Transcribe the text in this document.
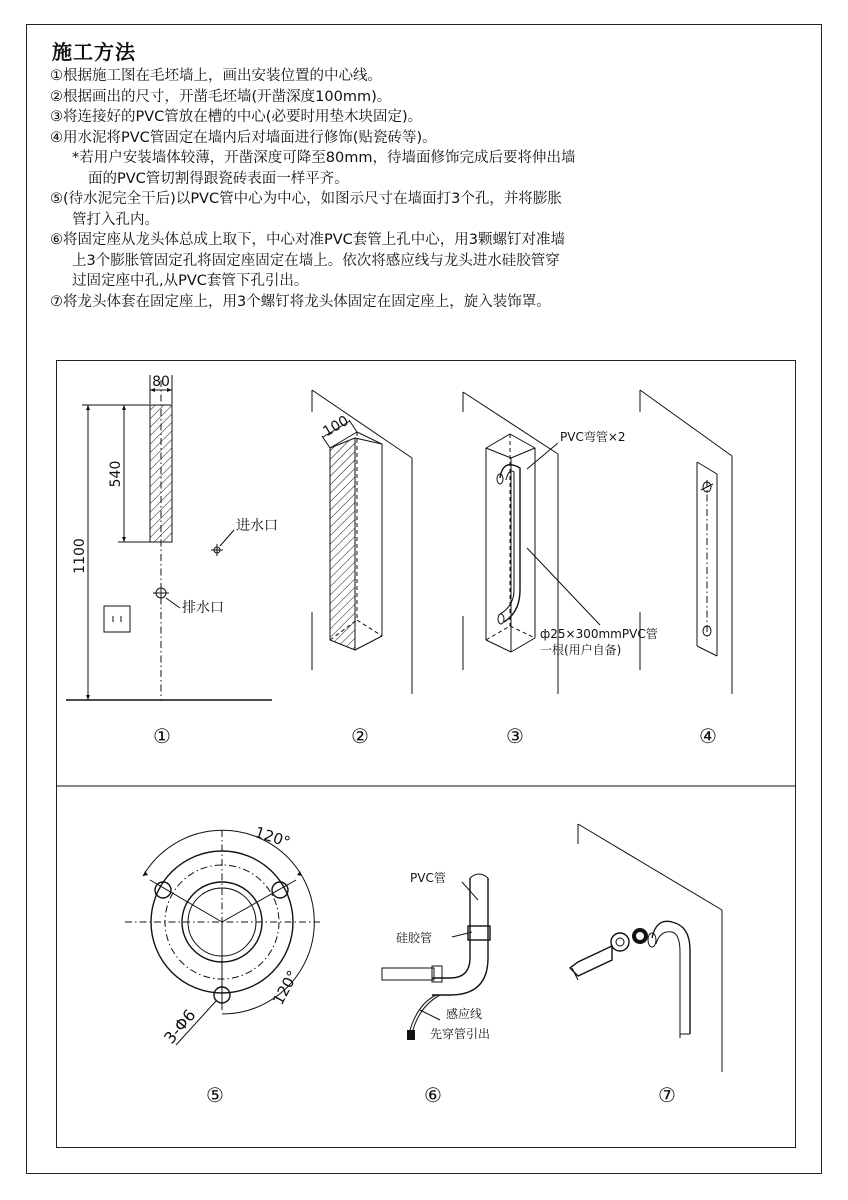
施工方法

①根据施工图在毛坯墙上，画出安装位置的中心线。

②根据画出的尺寸，开凿毛坯墙(开凿深度100mm)。

③将连接好的PVC管放在槽的中心(必要时用垫木块固定)。

④用水泥将PVC管固定在墙内后对墙面进行修饰(贴瓷砖等)。

*若用户安装墙体较薄，开凿深度可降至80mm，待墙面修饰完成后要将伸出墙

面的PVC管切割得跟瓷砖表面一样平齐。

⑤(待水泥完全干后)以PVC管中心为中心，如图示尺寸在墙面打3个孔，并将膨胀

管打入孔内。

⑥将固定座从龙头体总成上取下，中心对准PVC套管上孔中心，用3颗螺钉对准墙

上3个膨胀管固定孔将固定座固定在墙上。依次将感应线与龙头进水硅胶管穿

过固定座中孔,从PVC套管下孔引出。

⑦将龙头体套在固定座上，用3个螺钉将龙头体固定在固定座上，旋入装饰罩。

80
540
1100
排水口
进水口
①
100
②
PVC弯管×2
ф25×300mmPVC管
一根(用户自备)
③	④
120°
120°
3-Φ6
⑤
PVC管
硅胶管
感应线
先穿管引出
⑥	⑦
